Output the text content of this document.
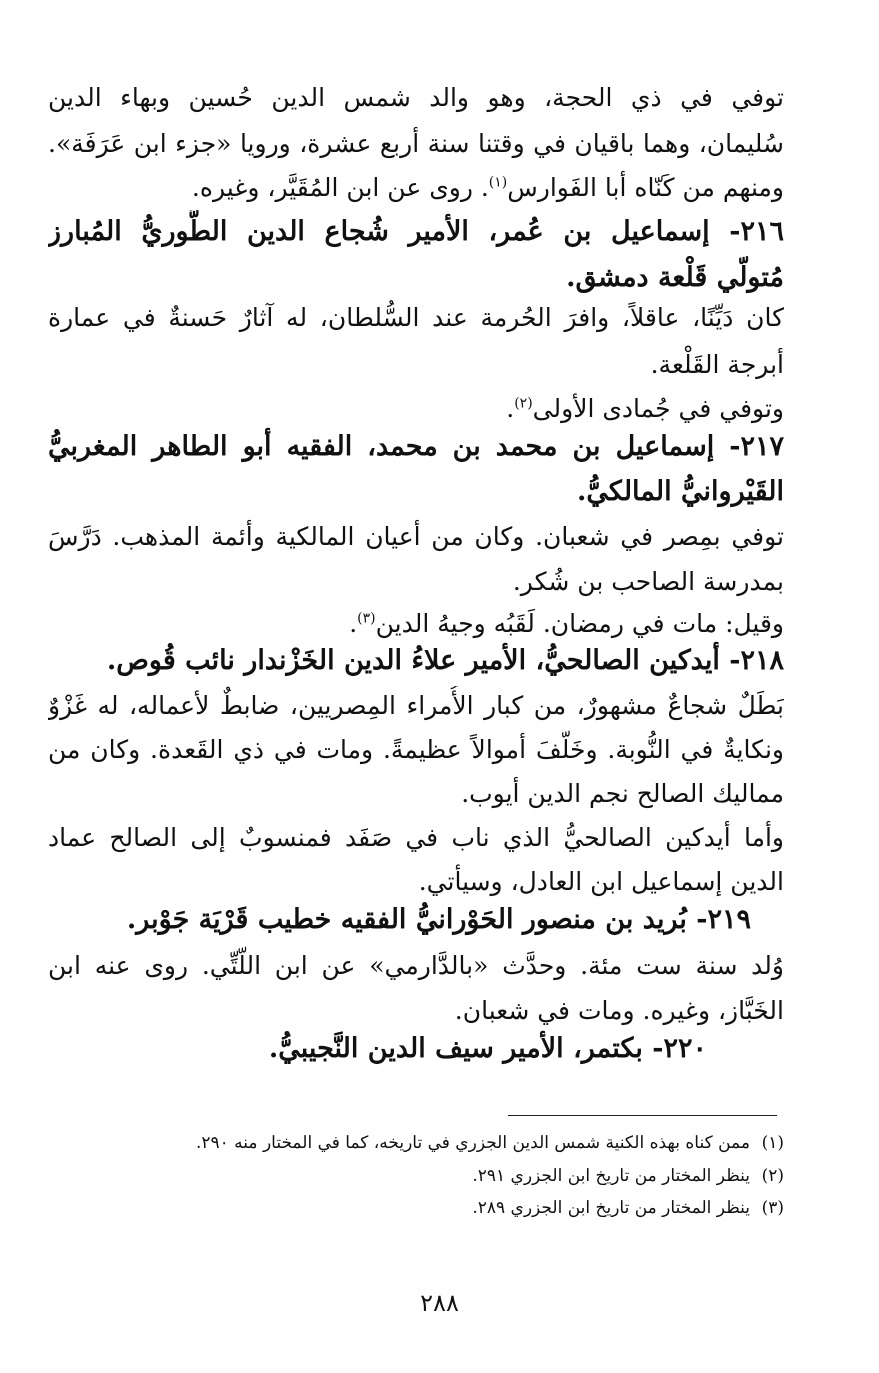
توفي في ذي الحجة، وهو والد شمس الدين حُسين وبهاء الدين
سُليمان، وهما باقيان في وقتنا سنة أربع عشرة، ورويا «جزء ابن عَرَفَة».
ومنهم من كَنّاه أبا الفَوارس$^{(١)}$. روى عن ابن المُقَيَّر، وغيره.
٢١٦- إسماعيل بن عُمر، الأمير شُجاع الدين الطُّوريُّ المُبارز
مُتولّي قَلْعة دمشق.
كان دَيِّنًا، عاقلاً، وافرَ الحُرمة عند السُّلطان، له آثارٌ حَسنةٌ في عمارة
أبرجة القَلْعة.
وتوفي في جُمادى الأولى$^{(٢)}$.
٢١٧- إسماعيل بن محمد بن محمد، الفقيه أبو الطاهر المغربيُّ
القَيْروانيُّ المالكيُّ.
توفي بمِصر في شعبان. وكان من أعيان المالكية وأئمة المذهب. دَرَّسَ
بمدرسة الصاحب بن شُكر.
وقيل: مات في رمضان. لَقَبُه وجيهُ الدين$^{(٣)}$.
٢١٨- أيدكين الصالحيُّ، الأمير علاءُ الدين الخَزْندار نائب قُوص.
بَطَلٌ شجاعٌ مشهورٌ، من كبار الأُمراء المِصريين، ضابطٌ لأعماله، له غَزْوٌ
ونكايةٌ في النُّوبة. وخَلَّفَ أموالاً عظيمةً. ومات في ذي القَعدة. وكان من
مماليك الصالح نجم الدين أيوب.
وأما أيدكين الصالحيُّ الذي ناب في صَفَد فمنسوبٌ إلى الصالح عماد
الدين إسماعيل ابن العادل، وسيأتي.
٢١٩- بُريد بن منصور الحَوْرانيُّ الفقيه خطيب قَرْيَة جَوْبر.
وُلد سنة ست مئة. وحدَّث «بالدَّارمي» عن ابن اللَّتِّي. روى عنه ابن
الخَبَّاز، وغيره. ومات في شعبان.
٢٢٠- بكتمر، الأمير سيف الدين النَّجيبيُّ.
(١)ممن كناه بهذه الكنية شمس الدين الجزري في تاريخه، كما في المختار منه ٢٩٠.
(٢)ينظر المختار من تاريخ ابن الجزري ٢٩١.
(٣)ينظر المختار من تاريخ ابن الجزري ٢٨٩.
٢٨٨
